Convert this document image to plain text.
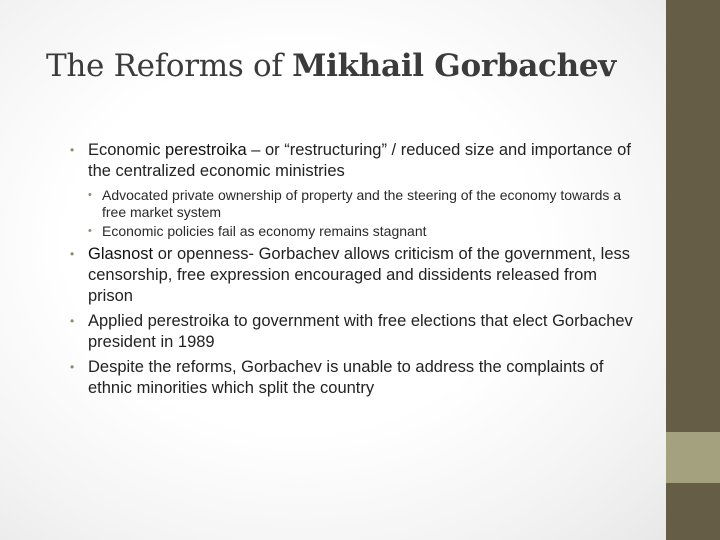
The Reforms of Mikhail Gorbachev
• Economic perestroika – or “restructuring” / reduced size and importance of the centralized economic ministries
• Advocated private ownership of property and the steering of the economy towards a free market system
• Economic policies fail as economy remains stagnant
• Glasnost or openness- Gorbachev allows criticism of the government, less censorship, free expression encouraged and dissidents released from prison
• Applied perestroika to government with free elections that elect Gorbachev president in 1989
• Despite the reforms, Gorbachev is unable to address the complaints of ethnic minorities which split the country
